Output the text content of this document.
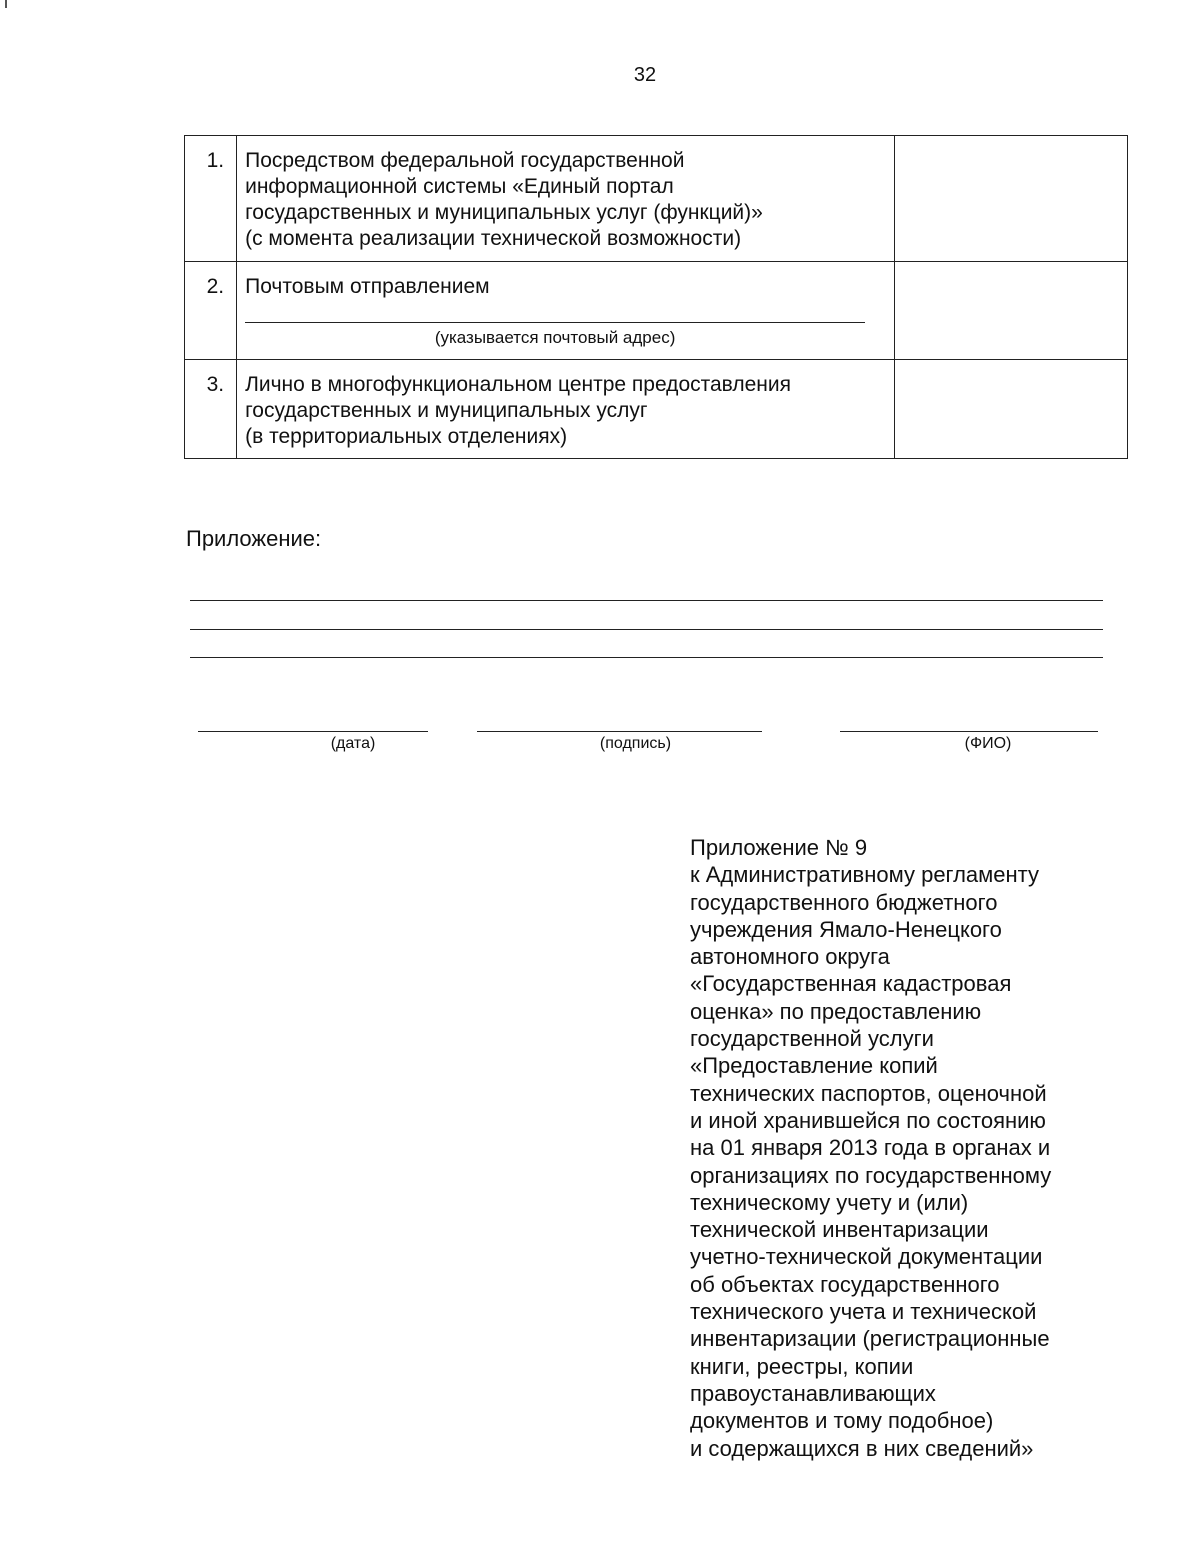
32
1.	Посредством федеральной государственной
информационной системы «Единый портал
государственных и муниципальных услуг (функций)»
(с момента реализации технической возможности)	

2.	Почтовым отправлением
(указывается почтовый адрес)	

3.	Лично в многофункциональном центре предоставления
государственных и муниципальных услуг
(в территориальных отделениях)	

Приложение:
(дата)	(подпись)	(ФИО)
Приложение № 9
к Административному регламенту
государственного бюджетного
учреждения Ямало-Ненецкого
автономного округа
«Государственная кадастровая
оценка» по предоставлению
государственной услуги
«Предоставление копий
технических паспортов, оценочной
и иной хранившейся по состоянию
на 01 января 2013 года в органах и
организациях по государственному
техническому учету и (или)
технической инвентаризации
учетно-технической документации
об объектах государственного
технического учета и технической
инвентаризации (регистрационные
книги, реестры, копии
правоустанавливающих
документов и тому подобное)
и содержащихся в них сведений»
